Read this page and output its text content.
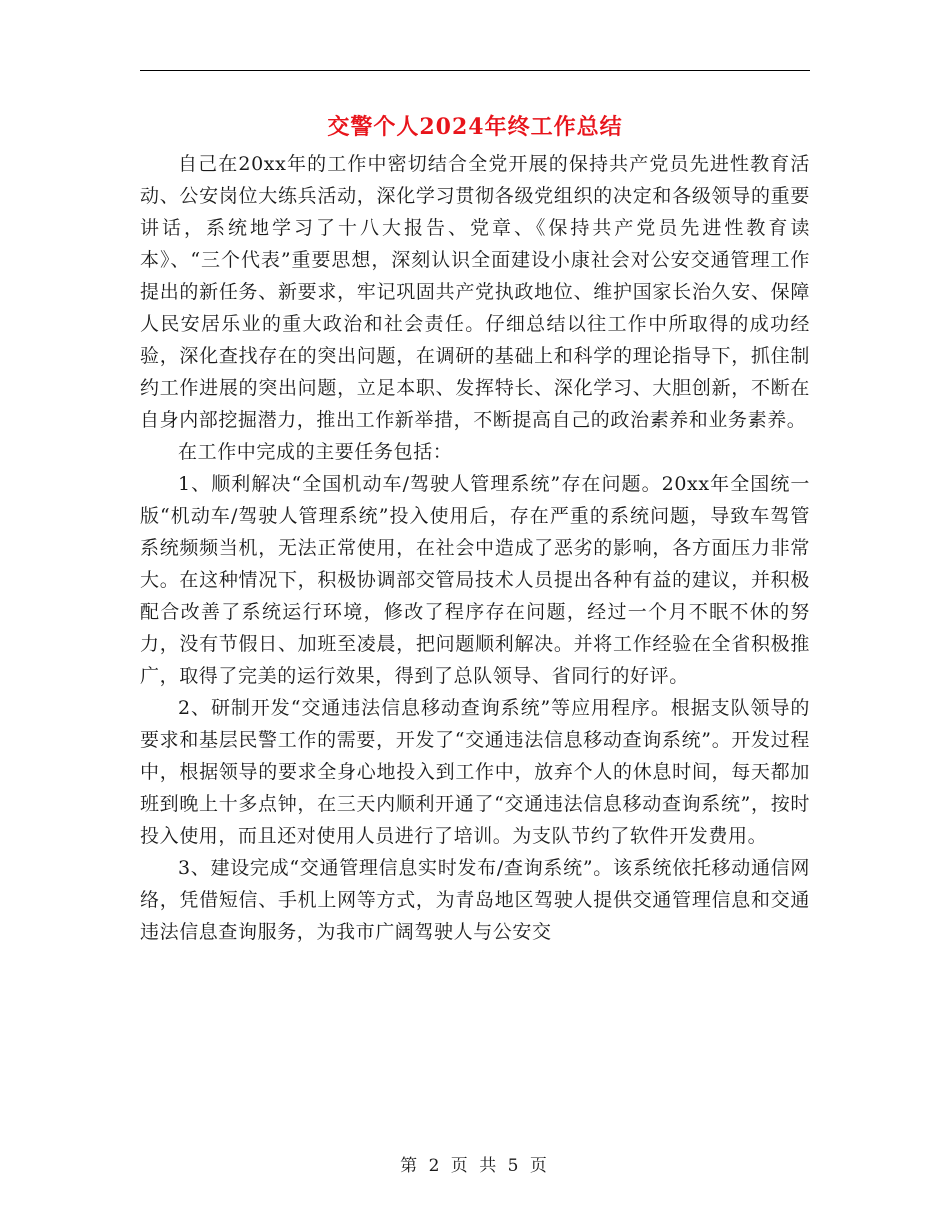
交警个人2024年终工作总结

自己在20xx年的工作中密切结合全党开展的保持共产党员先进性教育活动、公安岗位大练兵活动，深化学习贯彻各级党组织的决定和各级领导的重要讲话，系统地学习了十八大报告、党章、《保持共产党员先进性教育读本》、“三个代表”重要思想，深刻认识全面建设小康社会对公安交通管理工作提出的新任务、新要求，牢记巩固共产党执政地位、维护国家长治久安、保障人民安居乐业的重大政治和社会责任。仔细总结以往工作中所取得的成功经验，深化查找存在的突出问题，在调研的基础上和科学的理论指导下，抓住制约工作进展的突出问题，立足本职、发挥特长、深化学习、大胆创新，不断在自身内部挖掘潜力，推出工作新举措，不断提高自己的政治素养和业务素养。

在工作中完成的主要任务包括：

1、顺利解决“全国机动车/驾驶人管理系统”存在问题。20xx年全国统一版“机动车/驾驶人管理系统”投入使用后，存在严重的系统问题，导致车驾管系统频频当机，无法正常使用，在社会中造成了恶劣的影响，各方面压力非常大。在这种情况下，积极协调部交管局技术人员提出各种有益的建议，并积极配合改善了系统运行环境，修改了程序存在问题，经过一个月不眠不休的努力，没有节假日、加班至凌晨，把问题顺利解决。并将工作经验在全省积极推广，取得了完美的运行效果，得到了总队领导、省同行的好评。

2、研制开发“交通违法信息移动查询系统”等应用程序。根据支队领导的要求和基层民警工作的需要，开发了“交通违法信息移动查询系统”。开发过程中，根据领导的要求全身心地投入到工作中，放弃个人的休息时间，每天都加班到晚上十多点钟，在三天内顺利开通了“交通违法信息移动查询系统”，按时投入使用，而且还对使用人员进行了培训。为支队节约了软件开发费用。

3、建设完成“交通管理信息实时发布/查询系统”。该系统依托移动通信网络，凭借短信、手机上网等方式，为青岛地区驾驶人提供交通管理信息和交通违法信息查询服务，为我市广阔驾驶人与公安交

第 2 页 共 5 页
